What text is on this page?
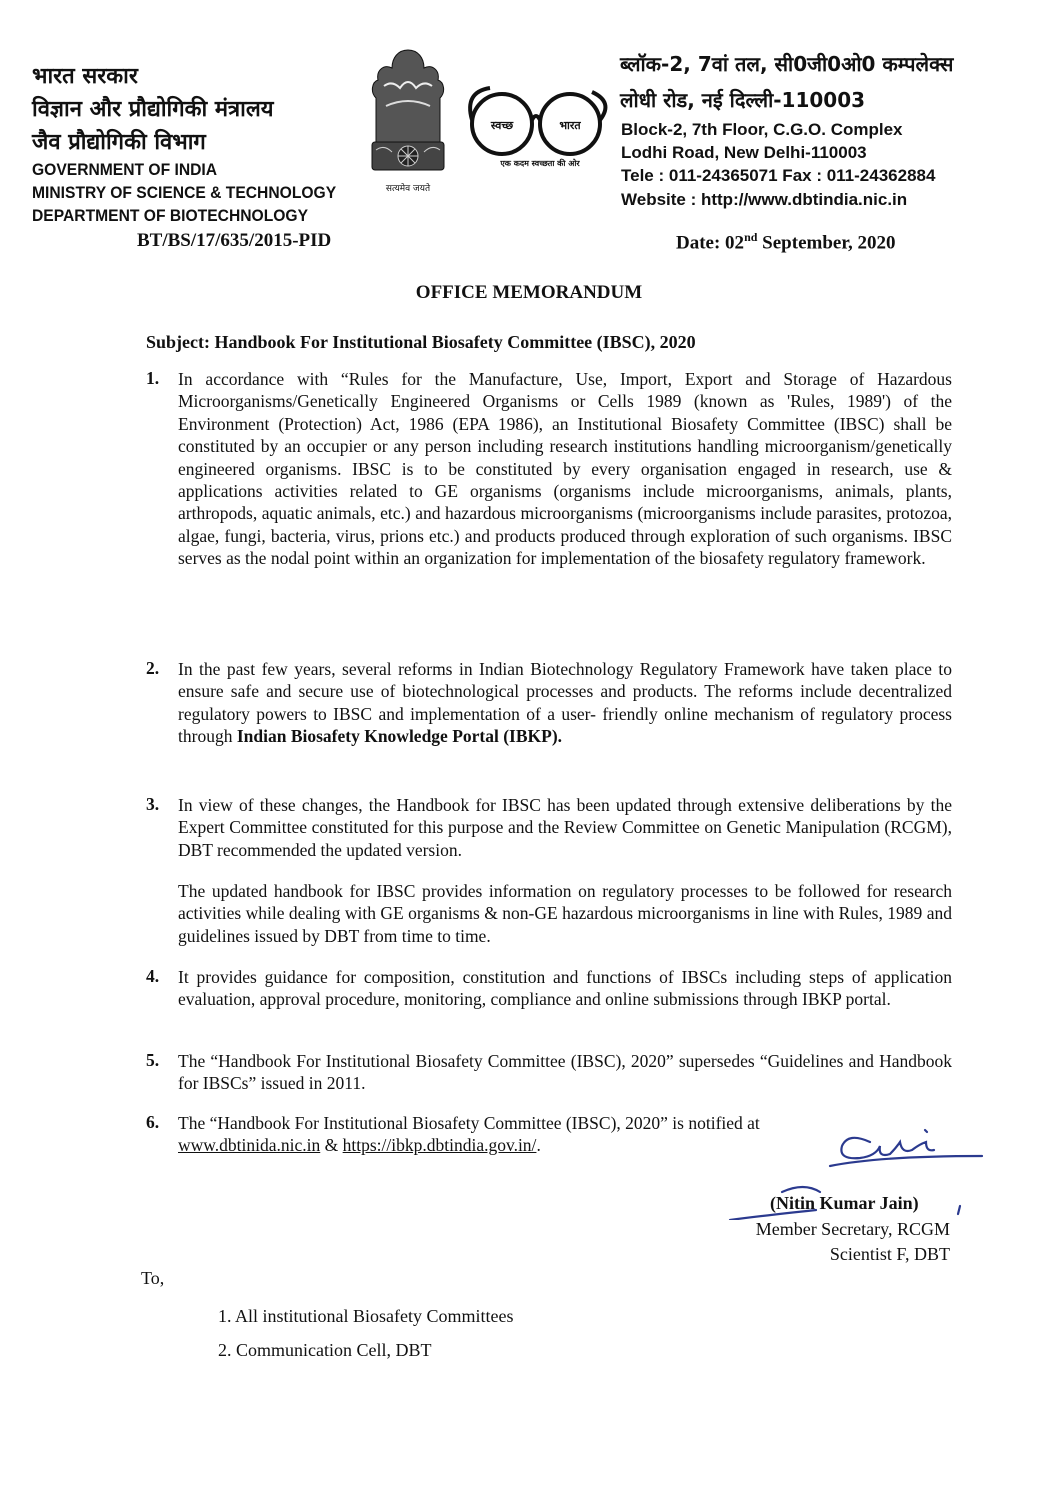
भारत सरकार
विज्ञान और प्रौद्योगिकी मंत्रालय
जैव प्रौद्योगिकी विभाग
GOVERNMENT OF INDIA
MINISTRY OF SCIENCE & TECHNOLOGY
DEPARTMENT OF BIOTECHNOLOGY
BT/BS/17/635/2015-PID
सत्यमेव जयते
स्वच्छ	भारत
एक कदम स्वच्छता की ओर
ब्लॉक-2, 7वां तल, सी0जी0ओ0 कम्पलेक्स
लोधी रोड, नई दिल्ली-110003
Block-2, 7th Floor, C.G.O. Complex
Lodhi Road, New Delhi-110003
Tele : 011-24365071 Fax : 011-24362884
Website : http://www.dbtindia.nic.in
Date: 02nd September, 2020
OFFICE MEMORANDUM
Subject: Handbook For Institutional Biosafety Committee (IBSC), 2020
1. In accordance with “Rules for the Manufacture, Use, Import, Export and Storage of Hazardous Microorganisms/Genetically Engineered Organisms or Cells 1989 (known as 'Rules, 1989') of the Environment (Protection) Act, 1986 (EPA 1986), an Institutional Biosafety Committee (IBSC) shall be constituted by an occupier or any person including research institutions handling microorganism/genetically engineered organisms. IBSC is to be constituted by every organisation engaged in research, use & applications activities related to GE organisms (organisms include microorganisms, animals, plants, arthropods, aquatic animals, etc.) and hazardous microorganisms (microorganisms include parasites, protozoa, algae, fungi, bacteria, virus, prions etc.) and products produced through exploration of such organisms. IBSC serves as the nodal point within an organization for implementation of the biosafety regulatory framework.
2. In the past few years, several reforms in Indian Biotechnology Regulatory Framework have taken place to ensure safe and secure use of biotechnological processes and products. The reforms include decentralized regulatory powers to IBSC and implementation of a user- friendly online mechanism of regulatory process through Indian Biosafety Knowledge Portal (IBKP).
3. In view of these changes, the Handbook for IBSC has been updated through extensive deliberations by the Expert Committee constituted for this purpose and the Review Committee on Genetic Manipulation (RCGM), DBT recommended the updated version.
The updated handbook for IBSC provides information on regulatory processes to be followed for research activities while dealing with GE organisms & non-GE hazardous microorganisms in line with Rules, 1989 and guidelines issued by DBT from time to time.
4. It provides guidance for composition, constitution and functions of IBSCs including steps of application evaluation, approval procedure, monitoring, compliance and online submissions through IBKP portal.
5. The “Handbook For Institutional Biosafety Committee (IBSC), 2020” supersedes “Guidelines and Handbook for IBSCs” issued in 2011.
6. The “Handbook For Institutional Biosafety Committee (IBSC), 2020” is notified at
www.dbtinida.nic.in & https://ibkp.dbtindia.gov.in/.
(Nitin Kumar Jain)
Member Secretary, RCGM
Scientist F, DBT
To,
1. All institutional Biosafety Committees
2. Communication Cell, DBT
